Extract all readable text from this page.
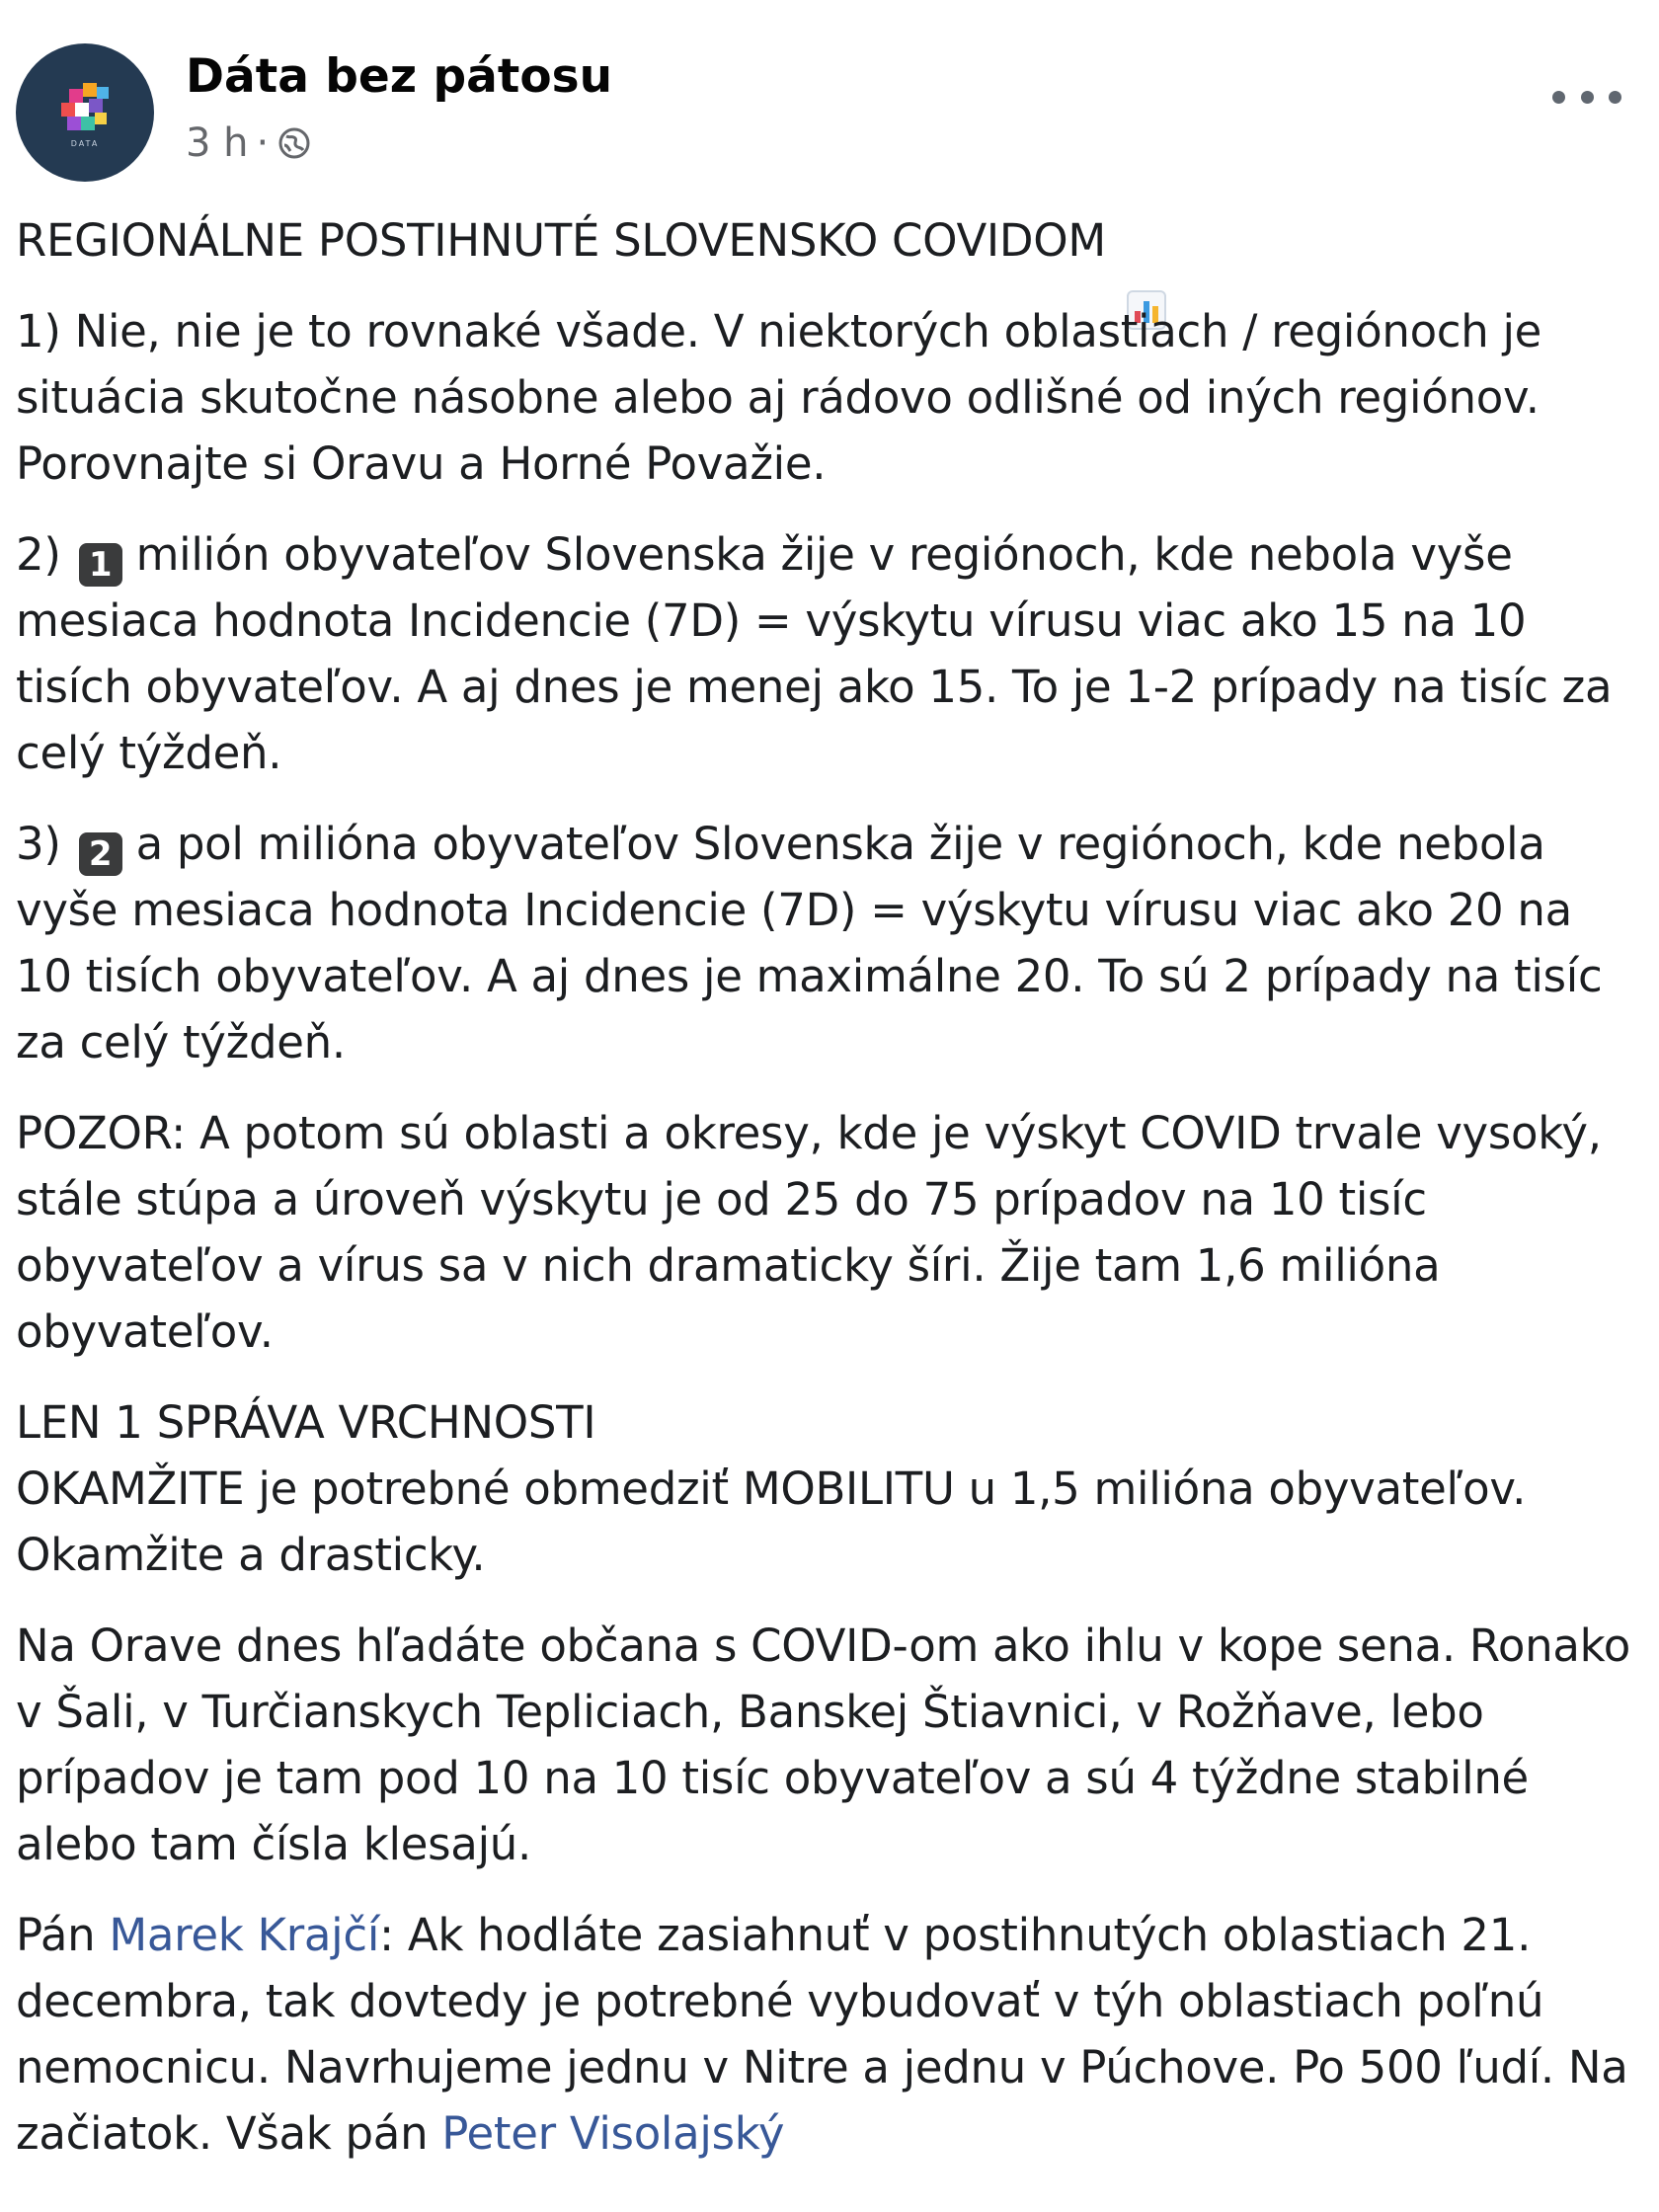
DATA
Dáta bez pátosu
3 h ·

REGIONÁLNE POSTIHNUTÉ SLOVENSKO COVIDOM

1) Nie, nie je to rovnaké všade. V niektorých oblastiach / regiónoch je situácia skutočne násobne alebo aj rádovo odlišné od iných regiónov. Porovnajte si Oravu a Horné Považie.

2) 1 milión obyvateľov Slovenska žije v regiónoch, kde nebola vyše mesiaca hodnota Incidencie (7D) = výskytu vírusu viac ako 15 na 10 tisích obyvateľov. A aj dnes je menej ako 15. To je 1-2 prípady na tisíc za celý týždeň.

3) 2 a pol milióna obyvateľov Slovenska žije v regiónoch, kde nebola vyše mesiaca hodnota Incidencie (7D) = výskytu vírusu viac ako 20 na 10 tisích obyvateľov. A aj dnes je maximálne 20. To sú 2 prípady na tisíc za celý týždeň.

POZOR: A potom sú oblasti a okresy, kde je výskyt COVID trvale vysoký, stále stúpa a úroveň výskytu je od 25 do 75 prípadov na 10 tisíc obyvateľov a vírus sa v nich dramaticky šíri. Žije tam 1,6 milióna obyvateľov.

LEN 1 SPRÁVA VRCHNOSTI
OKAMŽITE je potrebné obmedziť MOBILITU u 1,5 milióna obyvateľov. Okamžite a drasticky.

Na Orave dnes hľadáte občana s COVID-om ako ihlu v kope sena. Ronako v Šali, v Turčianskych Tepliciach, Banskej Štiavnici, v Rožňave, lebo prípadov je tam pod 10 na 10 tisíc obyvateľov a sú 4 týždne stabilné alebo tam čísla klesajú.

Pán Marek Krajčí: Ak hodláte zasiahnuť v postihnutých oblastiach 21. decembra, tak dovtedy je potrebné vybudovať v týh oblastiach poľnú nemocnicu. Navrhujeme jednu v Nitre a jednu v Púchove. Po 500 ľudí. Na začiatok. Však pán Peter Visolajský
